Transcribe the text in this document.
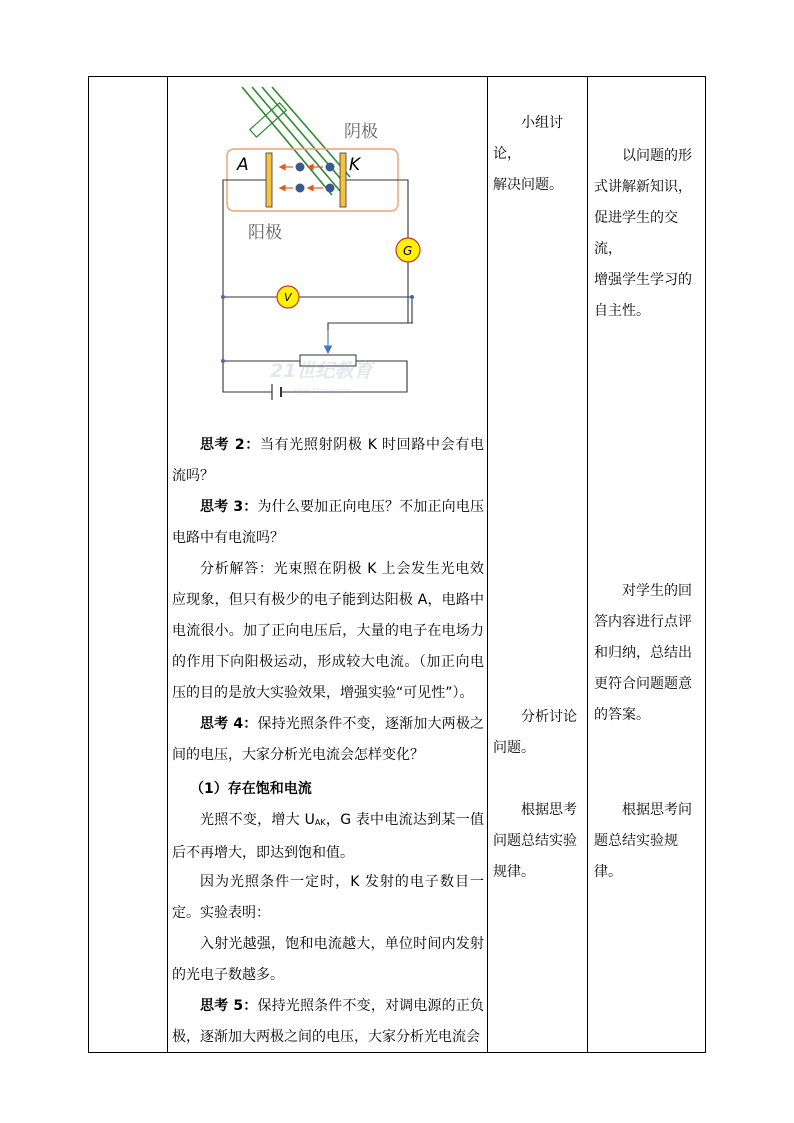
阴极
阳极
A	K
G
V
21世纪教育
www.21cnjy.com
思考 2：当有光照射阴极 K 时回路中会有电流吗？
思考 3：为什么要加正向电压？不加正向电压电路中有电流吗？
分析解答：光束照在阴极 K 上会发生光电效应现象，但只有极少的电子能到达阳极 A，电路中电流很小。加了正向电压后，大量的电子在电场力的作用下向阳极运动，形成较大电流。（加正向电压的目的是放大实验效果，增强实验“可见性”）。
思考 4：保持光照条件不变，逐渐加大两极之间的电压，大家分析光电流会怎样变化？
（1）存在饱和电流
光照不变，增大 UAK，G 表中电流达到某一值后不再增大，即达到饱和值。
因为光照条件一定时，K 发射的电子数目一定。 实验表明：
入射光越强，饱和电流越大，单位时间内发射的光电子数越多。
思考 5：保持光照条件不变，对调电源的正负极，逐渐加大两极之间的电压，大家分析光电流会
小组讨论，
解决问题。
分析讨论
问题。
根据思考
问题总结实验
规律。
以问题的形
式讲解新知识，
促进学生的交流，
增强学生学习的
自主性。
对学生的回
答内容进行点评
和归纳，总结出
更符合问题题意
的答案。
根据思考问
题总结实验规律。
